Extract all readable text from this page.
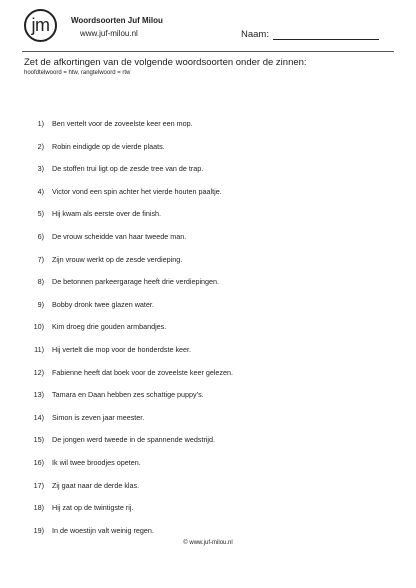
jm	Woordsoorten Juf Milou
www.juf-milou.nl	Naam:

Zet de afkortingen van de volgende woordsoorten onder de zinnen:

hoofdtelwoord = htw, rangtelwoord = rtw
1) Ben vertelt voor de zoveelste keer een mop.
2) Robin eindigde op de vierde plaats.
3) De stoffen trui ligt op de zesde tree van de trap.
4) Victor vond een spin achter het vierde houten paaltje.
5) Hij kwam als eerste over de finish.
6) De vrouw scheidde van haar tweede man.
7) Zijn vrouw werkt op de zesde verdieping.
8) De betonnen parkeergarage heeft drie verdiepingen.
9) Bobby dronk twee glazen water.
10) Kim droeg drie gouden armbandjes.
11) Hij vertelt die mop voor de honderdste keer.
12) Fabienne heeft dat boek voor de zoveelste keer gelezen.
13) Tamara en Daan hebben zes schattige puppy’s.
14) Simon is zeven jaar meester.
15) De jongen werd tweede in de spannende wedstrijd.
16) Ik wil twee broodjes opeten.
17) Zij gaat naar de derde klas.
18) Hij zat op de twintigste rij.
19) In de woestijn valt weinig regen.
© www.juf-milou.nl
